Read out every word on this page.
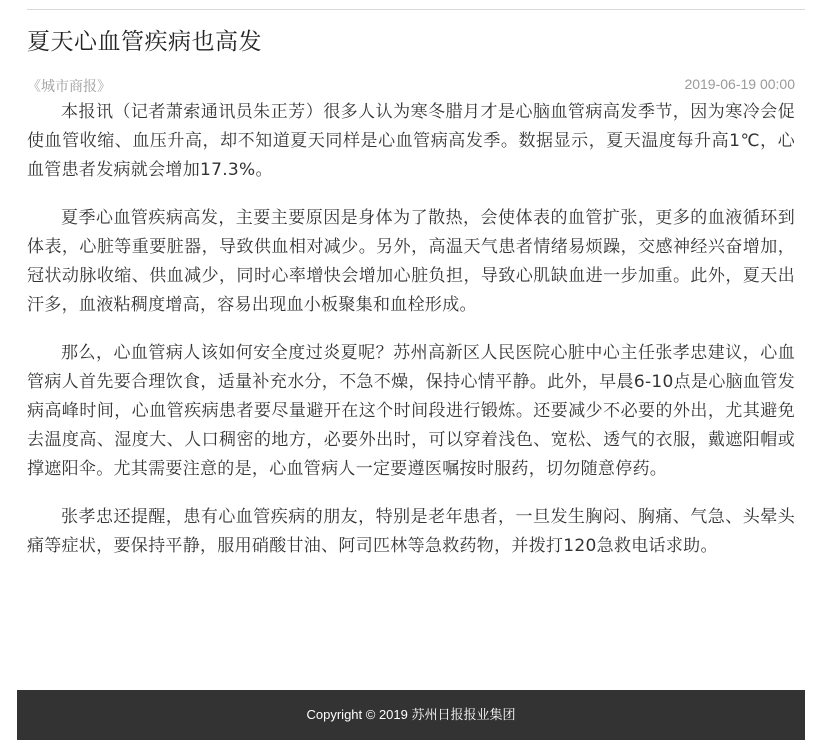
夏天心血管疾病也高发
《城市商报》	2019-06-19 00:00

本报讯（记者萧索通讯员朱正芳）很多人认为寒冬腊月才是心脑血管病高发季节，因为寒冷会促使血管收缩、血压升高，却不知道夏天同样是心血管病高发季。数据显示，夏天温度每升高1℃，心血管患者发病就会增加17.3%。

夏季心血管疾病高发，主要主要原因是身体为了散热，会使体表的血管扩张，更多的血液循环到体表，心脏等重要脏器，导致供血相对减少。另外，高温天气患者情绪易烦躁，交感神经兴奋增加，冠状动脉收缩、供血减少，同时心率增快会增加心脏负担，导致心肌缺血进一步加重。此外，夏天出汗多，血液粘稠度增高，容易出现血小板聚集和血栓形成。

那么，心血管病人该如何安全度过炎夏呢？苏州高新区人民医院心脏中心主任张孝忠建议，心血管病人首先要合理饮食，适量补充水分，不急不燥，保持心情平静。此外，早晨6-10点是心脑血管发病高峰时间，心血管疾病患者要尽量避开在这个时间段进行锻炼。还要减少不必要的外出，尤其避免去温度高、湿度大、人口稠密的地方，必要外出时，可以穿着浅色、宽松、透气的衣服，戴遮阳帽或撑遮阳伞。尤其需要注意的是，心血管病人一定要遵医嘱按时服药，切勿随意停药。

张孝忠还提醒，患有心血管疾病的朋友，特别是老年患者，一旦发生胸闷、胸痛、气急、头晕头痛等症状，要保持平静，服用硝酸甘油、阿司匹林等急救药物，并拨打120急救电话求助。

Copyright © 2019 苏州日报报业集团
